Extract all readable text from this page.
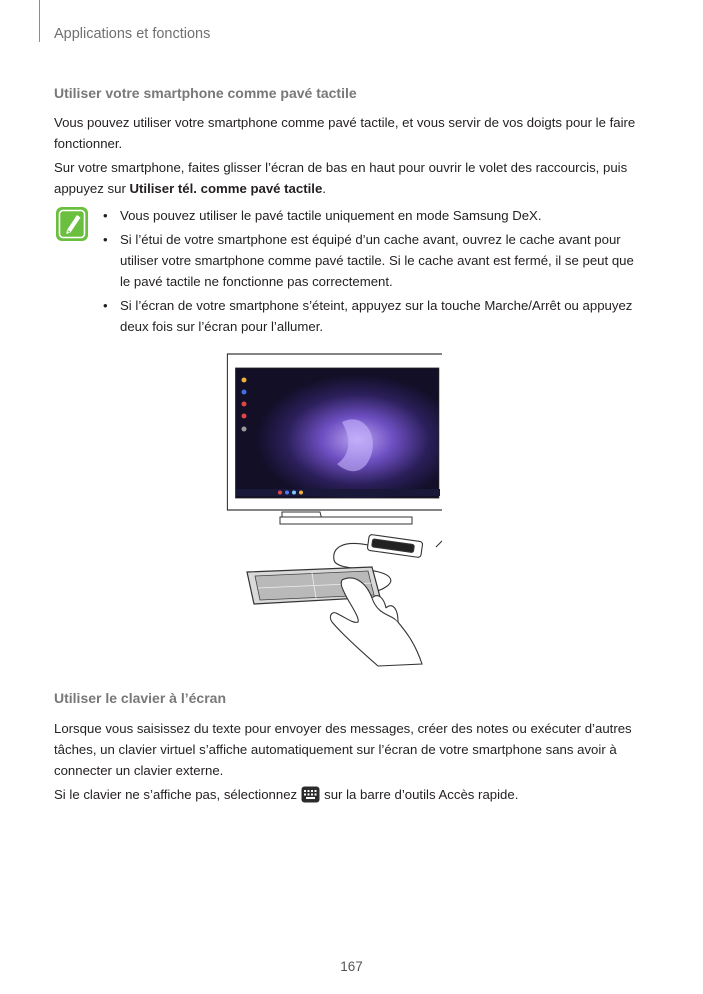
Applications et fonctions
Utiliser votre smartphone comme pavé tactile
Vous pouvez utiliser votre smartphone comme pavé tactile, et vous servir de vos doigts pour le faire fonctionner.
Sur votre smartphone, faites glisser l’écran de bas en haut pour ouvrir le volet des raccourcis, puis appuyez sur Utiliser tél. comme pavé tactile.
• Vous pouvez utiliser le pavé tactile uniquement en mode Samsung DeX.
• Si l’étui de votre smartphone est équipé d’un cache avant, ouvrez le cache avant pour utiliser votre smartphone comme pavé tactile. Si le cache avant est fermé, il se peut que le pavé tactile ne fonctionne pas correctement.
• Si l’écran de votre smartphone s’éteint, appuyez sur la touche Marche/Arrêt ou appuyez deux fois sur l’écran pour l’allumer.
Utiliser le clavier à l’écran
Lorsque vous saisissez du texte pour envoyer des messages, créer des notes ou exécuter d’autres tâches, un clavier virtuel s’affiche automatiquement sur l’écran de votre smartphone sans avoir à connecter un clavier externe.
Si le clavier ne s’affiche pas, sélectionnez sur la barre d’outils Accès rapide.
167
